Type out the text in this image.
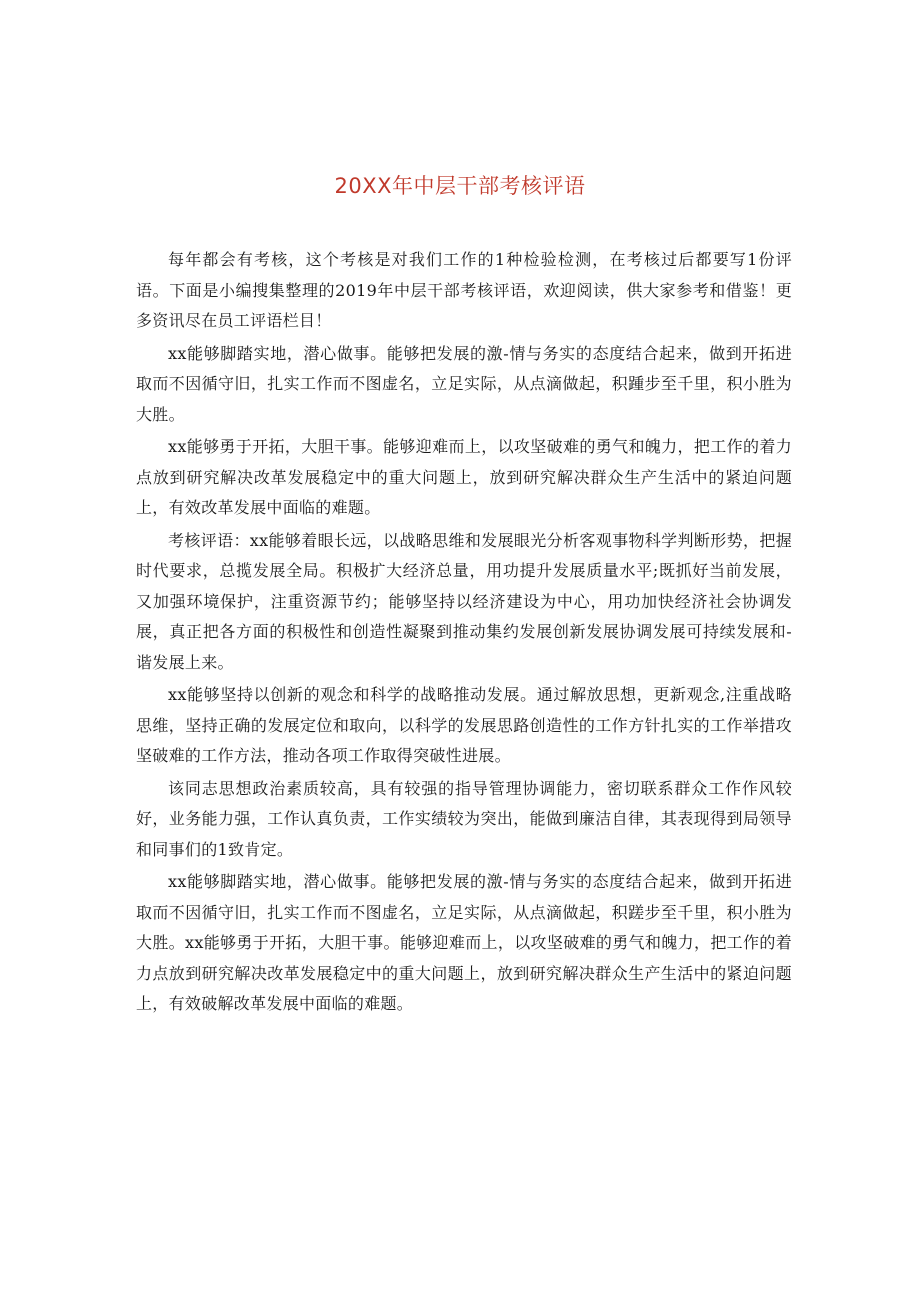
20XX年中层干部考核评语

每年都会有考核，这个考核是对我们工作的1种检验检测，在考核过后都要写1份评语。下面是小编搜集整理的2019年中层干部考核评语，欢迎阅读，供大家参考和借鉴！更多资讯尽在员工评语栏目！

xx能够脚踏实地，潜心做事。能够把发展的激-情与务实的态度结合起来，做到开拓进取而不因循守旧，扎实工作而不图虚名，立足实际，从点滴做起，积踵步至千里，积小胜为大胜。

xx能够勇于开拓，大胆干事。能够迎难而上，以攻坚破难的勇气和魄力，把工作的着力点放到研究解决改革发展稳定中的重大问题上，放到研究解决群众生产生活中的紧迫问题上，有效改革发展中面临的难题。

考核评语：xx能够着眼长远，以战略思维和发展眼光分析客观事物科学判断形势，把握时代要求，总揽发展全局。积极扩大经济总量，用功提升发展质量水平;既抓好当前发展，又加强环境保护，注重资源节约；能够坚持以经济建设为中心，用功加快经济社会协调发展，真正把各方面的积极性和创造性凝聚到推动集约发展创新发展协调发展可持续发展和-谐发展上来。

xx能够坚持以创新的观念和科学的战略推动发展。通过解放思想，更新观念,注重战略思维，坚持正确的发展定位和取向，以科学的发展思路创造性的工作方针扎实的工作举措攻坚破难的工作方法，推动各项工作取得突破性进展。

该同志思想政治素质较高，具有较强的指导管理协调能力，密切联系群众工作作风较好，业务能力强，工作认真负责，工作实绩较为突出，能做到廉洁自律，其表现得到局领导和同事们的1致肯定。

xx能够脚踏实地，潜心做事。能够把发展的激-情与务实的态度结合起来，做到开拓进取而不因循守旧，扎实工作而不图虚名，立足实际，从点滴做起，积蹉步至千里，积小胜为大胜。xx能够勇于开拓，大胆干事。能够迎难而上，以攻坚破难的勇气和魄力，把工作的着力点放到研究解决改革发展稳定中的重大问题上，放到研究解决群众生产生活中的紧迫问题上，有效破解改革发展中面临的难题。
